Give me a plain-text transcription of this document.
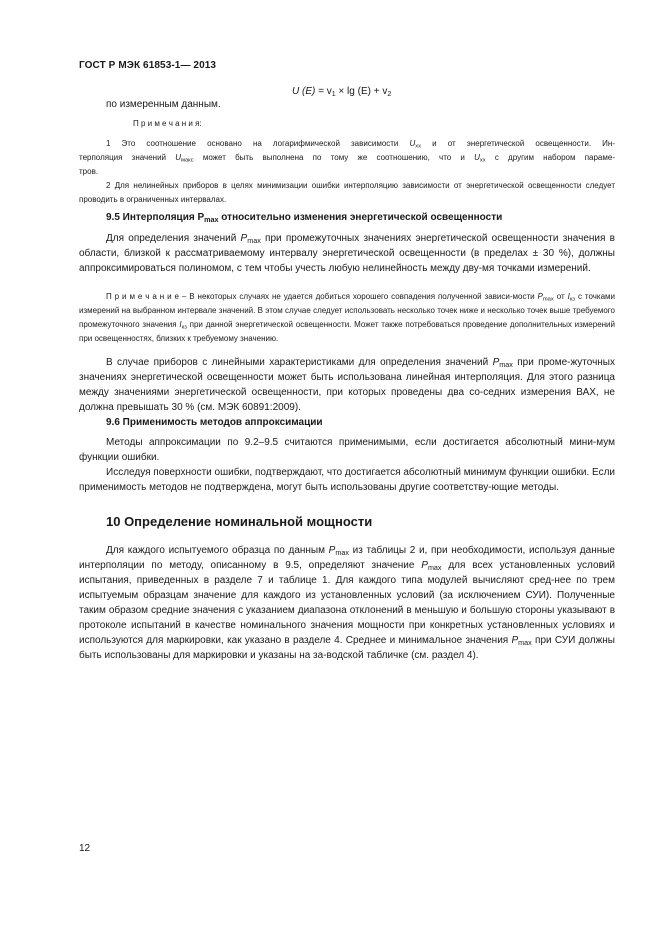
ГОСТ Р МЭК 61853-1— 2013
U $(E) = v_1 \times \lg (E) + v_2$
по измеренным данным.
П р и м е ч а н и я:
1 Это соотношение основано на логарифмической зависимости $U_{хх}$ и от энергетической освещенности. Ин-
терполяция значений $U_{макс}$ может быть выполнена по тому же соотношению, что и $U_{хх}$ с другим набором параме-
тров.
2 Для нелинейных приборов в целях минимизации ошибки интерполяцию зависимости от энергетической освещенности следует проводить в ограниченных интервалах.
9.5 Интерполяция $P_{max}$ относительно изменения энергетической освещенности
Для определения значений $P_{max}$ при промежуточных значениях энергетической освещенности значения в области, близкой к рассматриваемому интервалу энергетической освещенности (в пределах ± 30 %), должны аппроксимироваться полиномом, с тем чтобы учесть любую нелинейность между дву-мя точками измерений.
П р и м е ч а н и е – В некоторых случаях не удается добиться хорошего совпадения полученной зависи-мости $P_{max}$ от $I_{кз}$ с точками измерений на выбранном интервале значений. В этом случае следует использовать несколько точек ниже и несколько точек выше требуемого промежуточного значения $I_{кз}$ при данной энергетической освещенности. Может также потребоваться проведение дополнительных измерений при освещенностях, близких к требуемому значению.
В случае приборов с линейными характеристиками для определения значений $P_{max}$ при проме-жуточных значениях энергетической освещенности может быть использована линейная интерполяция. Для этого разница между значениями энергетической освещенности, при которых проведены два со-седних измерения ВАХ, не должна превышать 30 % (см. МЭК 60891:2009).
9.6 Применимость методов аппроксимации
Методы аппроксимации по 9.2–9.5 считаются применимыми, если достигается абсолютный мини-мум функции ошибки.
Исследуя поверхности ошибки, подтверждают, что достигается абсолютный минимум функции ошибки. Если применимость методов не подтверждена, могут быть использованы другие соответству-ющие методы.
10 Определение номинальной мощности
Для каждого испытуемого образца по данным $P_{max}$ из таблицы 2 и, при необходимости, используя данные интерполяции по методу, описанному в 9.5, определяют значение $P_{max}$ для всех установленных условий испытания, приведенных в разделе 7 и таблице 1. Для каждого типа модулей вычисляют сред-нее по трем испытуемым образцам значение для каждого из установленных условий (за исключением СУИ). Полученные таким образом средние значения с указанием диапазона отклонений в меньшую и большую стороны указывают в протоколе испытаний в качестве номинального значения мощности при конкретных установленных условиях и используются для маркировки, как указано в разделе 4. Среднее и минимальное значения $P_{max}$ при СУИ должны быть использованы для маркировки и указаны на за-водской табличке (см. раздел 4).
12
